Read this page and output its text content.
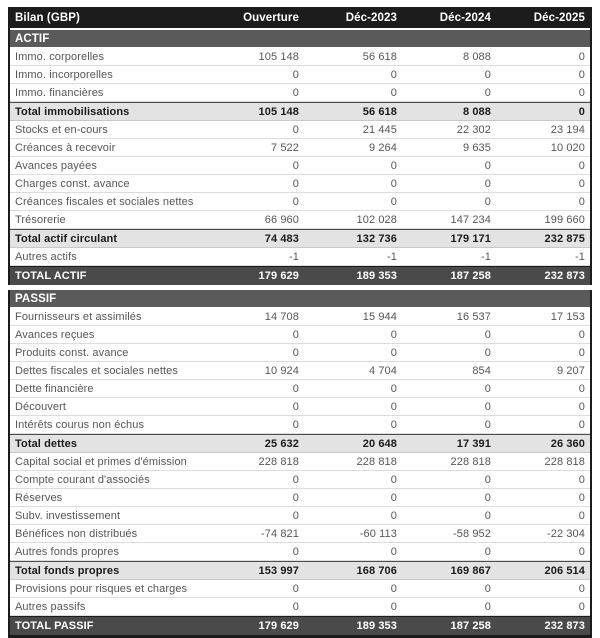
Bilan (GBP)	Ouverture	Déc-2023	Déc-2024	Déc-2025
ACTIF
Immo. corporelles	105 148	56 618	8 088	0
Immo. incorporelles	0	0	0	0
Immo. financières	0	0	0	0
Total immobilisations	105 148	56 618	8 088	0
Stocks et en-cours	0	21 445	22 302	23 194
Créances à recevoir	7 522	9 264	9 635	10 020
Avances payées	0	0	0	0
Charges const. avance	0	0	0	0
Créances fiscales et sociales nettes	0	0	0	0
Trésorerie	66 960	102 028	147 234	199 660
Total actif circulant	74 483	132 736	179 171	232 875
Autres actifs	-1	-1	-1	-1
TOTAL ACTIF	179 629	189 353	187 258	232 873
PASSIF
Fournisseurs et assimilés	14 708	15 944	16 537	17 153
Avances reçues	0	0	0	0
Produits const. avance	0	0	0	0
Dettes fiscales et sociales nettes	10 924	4 704	854	9 207
Dette financière	0	0	0	0
Découvert	0	0	0	0
Intérêts courus non échus	0	0	0	0
Total dettes	25 632	20 648	17 391	26 360
Capital social et primes d'émission	228 818	228 818	228 818	228 818
Compte courant d'associés	0	0	0	0
Réserves	0	0	0	0
Subv. investissement	0	0	0	0
Bénéfices non distribués	-74 821	-60 113	-58 952	-22 304
Autres fonds propres	0	0	0	0
Total fonds propres	153 997	168 706	169 867	206 514
Provisions pour risques et charges	0	0	0	0
Autres passifs	0	0	0	0
TOTAL PASSIF	179 629	189 353	187 258	232 873
